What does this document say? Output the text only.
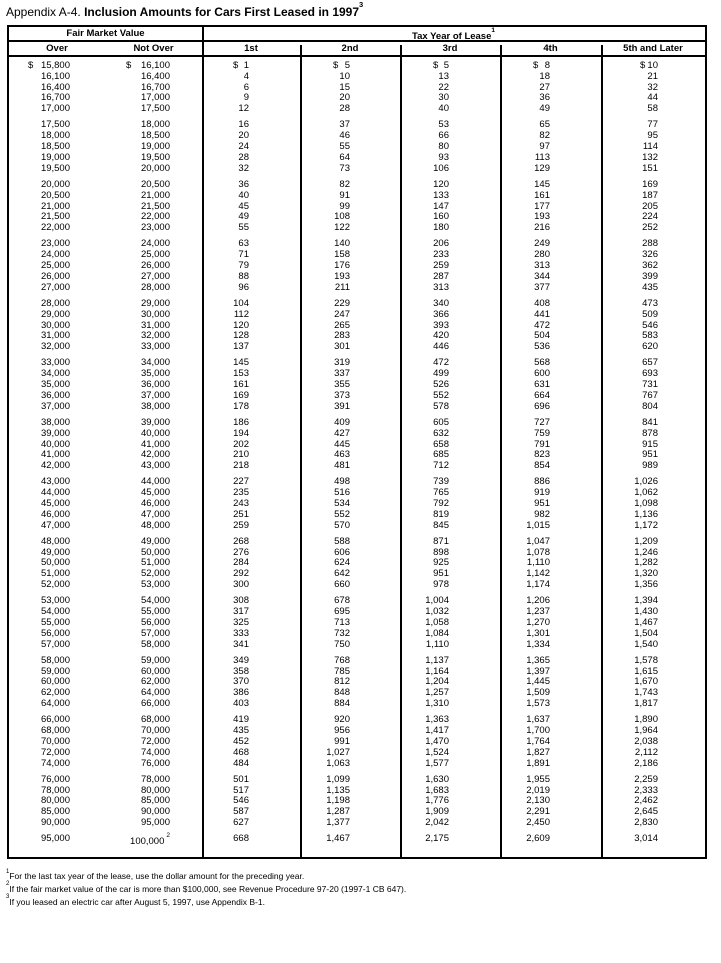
Appendix A-4. Inclusion Amounts for Cars First Leased in 1997$^3$
Fair Market Value	Tax Year of Lease$^1$
Over	Not Over	1st	2nd	3rd	4th	5th and Later
$ 15,800	$ 16,100	$ 1	$ 5	$ 5	$ 8	$ 10
16,100	16,400	4	10	13	18	21
16,400	16,700	6	15	22	27	32
16,700	17,000	9	20	30	36	44
17,000	17,500	12	28	40	49	58
17,500	18,000	16	37	53	65	77
18,000	18,500	20	46	66	82	95
18,500	19,000	24	55	80	97	114
19,000	19,500	28	64	93	113	132
19,500	20,000	32	73	106	129	151
20,000	20,500	36	82	120	145	169
20,500	21,000	40	91	133	161	187
21,000	21,500	45	99	147	177	205
21,500	22,000	49	108	160	193	224
22,000	23,000	55	122	180	216	252
23,000	24,000	63	140	206	249	288
24,000	25,000	71	158	233	280	326
25,000	26,000	79	176	259	313	362
26,000	27,000	88	193	287	344	399
27,000	28,000	96	211	313	377	435
28,000	29,000	104	229	340	408	473
29,000	30,000	112	247	366	441	509
30,000	31,000	120	265	393	472	546
31,000	32,000	128	283	420	504	583
32,000	33,000	137	301	446	536	620
33,000	34,000	145	319	472	568	657
34,000	35,000	153	337	499	600	693
35,000	36,000	161	355	526	631	731
36,000	37,000	169	373	552	664	767
37,000	38,000	178	391	578	696	804
38,000	39,000	186	409	605	727	841
39,000	40,000	194	427	632	759	878
40,000	41,000	202	445	658	791	915
41,000	42,000	210	463	685	823	951
42,000	43,000	218	481	712	854	989
43,000	44,000	227	498	739	886	1,026
44,000	45,000	235	516	765	919	1,062
45,000	46,000	243	534	792	951	1,098
46,000	47,000	251	552	819	982	1,136
47,000	48,000	259	570	845	1,015	1,172
48,000	49,000	268	588	871	1,047	1,209
49,000	50,000	276	606	898	1,078	1,246
50,000	51,000	284	624	925	1,110	1,282
51,000	52,000	292	642	951	1,142	1,320
52,000	53,000	300	660	978	1,174	1,356
53,000	54,000	308	678	1,004	1,206	1,394
54,000	55,000	317	695	1,032	1,237	1,430
55,000	56,000	325	713	1,058	1,270	1,467
56,000	57,000	333	732	1,084	1,301	1,504
57,000	58,000	341	750	1,110	1,334	1,540
58,000	59,000	349	768	1,137	1,365	1,578
59,000	60,000	358	785	1,164	1,397	1,615
60,000	62,000	370	812	1,204	1,445	1,670
62,000	64,000	386	848	1,257	1,509	1,743
64,000	66,000	403	884	1,310	1,573	1,817
66,000	68,000	419	920	1,363	1,637	1,890
68,000	70,000	435	956	1,417	1,700	1,964
70,000	72,000	452	991	1,470	1,764	2,038
72,000	74,000	468	1,027	1,524	1,827	2,112
74,000	76,000	484	1,063	1,577	1,891	2,186
76,000	78,000	501	1,099	1,630	1,955	2,259
78,000	80,000	517	1,135	1,683	2,019	2,333
80,000	85,000	546	1,198	1,776	2,130	2,462
85,000	90,000	587	1,287	1,909	2,291	2,645
90,000	95,000	627	1,377	2,042	2,450	2,830
95,000	100,000$^2$	668	1,467	2,175	2,609	3,014
$^1$For the last tax year of the lease, use the dollar amount for the preceding year.
$^2$If the fair market value of the car is more than $100,000, see Revenue Procedure 97-20 (1997-1 CB 647).
$^3$If you leased an electric car after August 5, 1997, use Appendix B-1.
